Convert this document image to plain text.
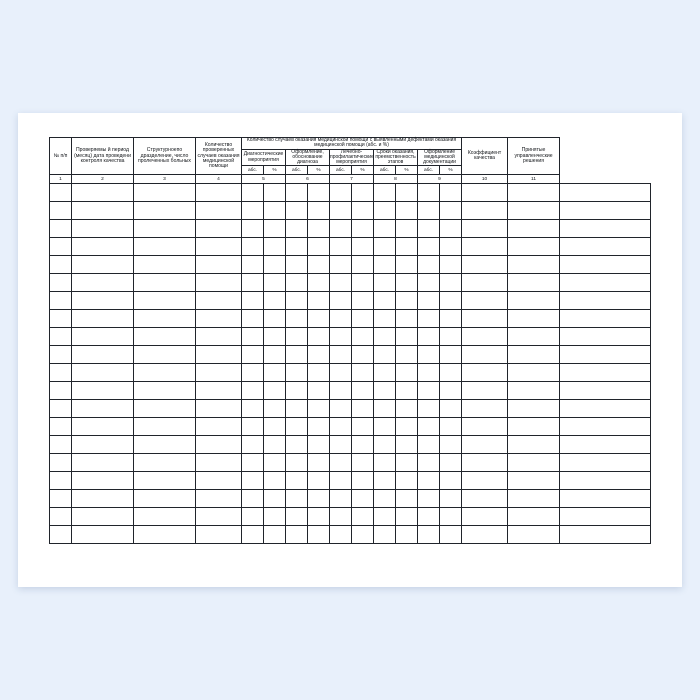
№ п/п	Проверяемы й период (месяц) дата проведени контроля качества	Структурноепо драздeление, число пролеченных больных	Количество проверенных случаев оказания медицинской помощи	Количество случаев оказания медицинской помощи с выявленными дефектами оказания медицинской помощи (абс. и %)										Коэффициент качества	Принятые управленческие решения	
				Диагностические мероприятия		Оформление, обоснование диагноза		Лечебно-профилактические мероприятия		Сроки оказания, преемственность этапов		Оформление медицинской документации				
				абс.	%	абс.	%	абс.	%	абс.	%	абс.	%			
1	2	3	4	5		6		7		8		9		10	11	
